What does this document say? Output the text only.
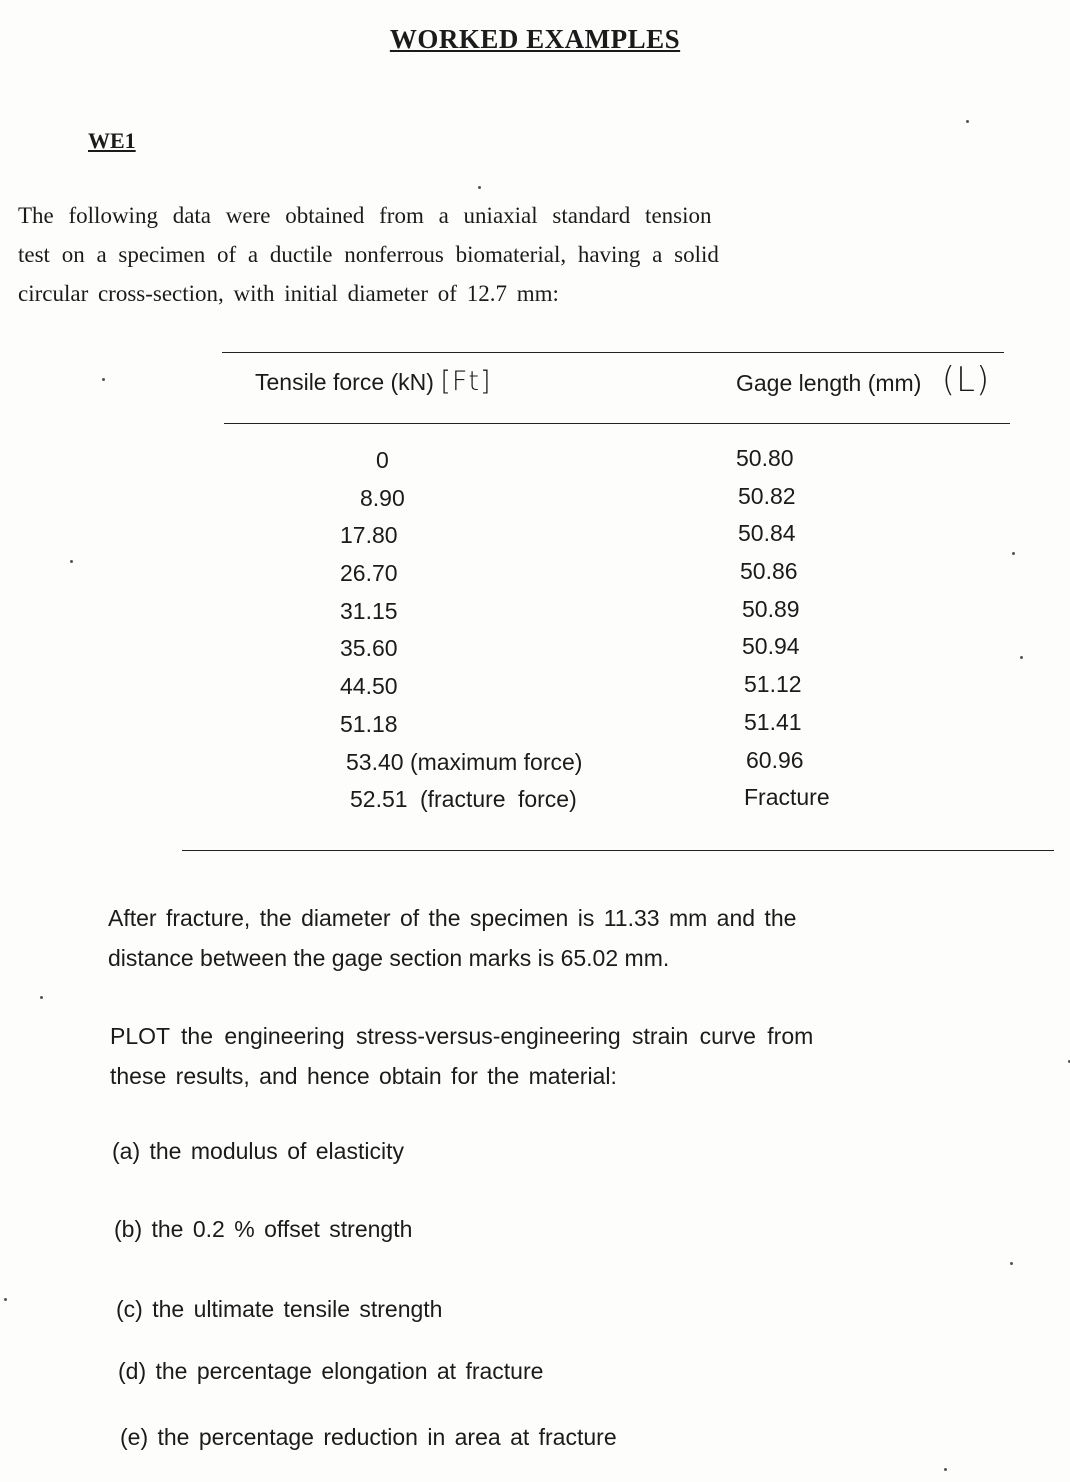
WORKED EXAMPLES
WE1

The following data were obtained from a uniaxial standard tension

test on a specimen of a ductile nonferrous biomaterial, having a solid

circular cross-section, with initial diameter of 12.7 mm:

Tensile force (kN) [Ft]	Gage length (mm) (L)
0
8.90
17.80
26.70
31.15
35.60
44.50
51.18
53.40 (maximum force)
52.51 (fracture force)
50.80
50.82
50.84
50.86
50.89
50.94
51.12
51.41
60.96
Fracture

After fracture, the diameter of the specimen is 11.33 mm and the

distance between the gage section marks is 65.02 mm.

PLOT the engineering stress-versus-engineering strain curve from

these results, and hence obtain for the material:

(a) the modulus of elasticity
(b) the 0.2 % offset strength
(c) the ultimate tensile strength
(d) the percentage elongation at fracture
(e) the percentage reduction in area at fracture
